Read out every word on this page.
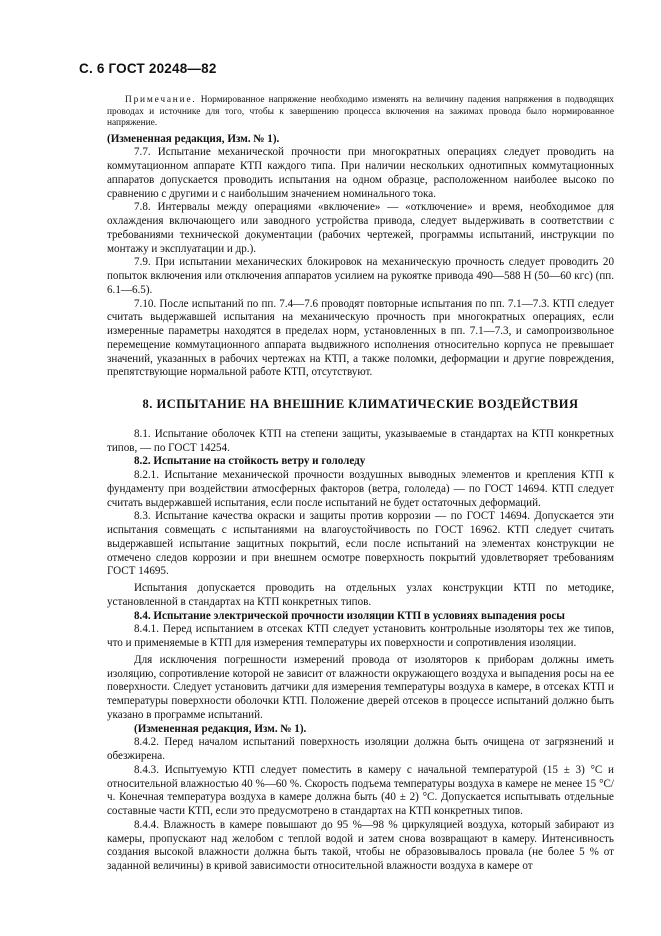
С. 6 ГОСТ 20248—82

Примечание. Нормированное напряжение необходимо изменять на величину падения напряжения в подводящих проводах и источнике для того, чтобы к завершению процесса включения на зажимах провода было нормированное напряжение.

(Измененная редакция, Изм. № 1).

7.7. Испытание механической прочности при многократных операциях следует проводить на коммутационном аппарате КТП каждого типа. При наличии нескольких однотипных коммутационных аппаратов допускается проводить испытания на одном образце, расположенном наиболее высоко по сравнению с другими и с наибольшим значением номинального тока.

7.8. Интервалы между операциями «включение» — «отключение» и время, необходимое для охлаждения включающего или заводного устройства привода, следует выдерживать в соответствии с требованиями технической документации (рабочих чертежей, программы испытаний, инструкции по монтажу и эксплуатации и др.).

7.9. При испытании механических блокировок на механическую прочность следует проводить 20 попыток включения или отключения аппаратов усилием на рукоятке привода 490—588 Н (50—60 кгс) (пп. 6.1—6.5).

7.10. После испытаний по пп. 7.4—7.6 проводят повторные испытания по пп. 7.1—7.3. КТП следует считать выдержавшей испытания на механическую прочность при многократных операциях, если измеренные параметры находятся в пределах норм, установленных в пп. 7.1—7.3, и самопроизвольное перемещение коммутационного аппарата выдвижного исполнения относительно корпуса не превышает значений, указанных в рабочих чертежах на КТП, а также поломки, деформации и другие повреждения, препятствующие нормальной работе КТП, отсутствуют.

8. ИСПЫТАНИЕ НА ВНЕШНИЕ КЛИМАТИЧЕСКИЕ ВОЗДЕЙСТВИЯ

8.1. Испытание оболочек КТП на степени защиты, указываемые в стандартах на КТП конкретных типов, — по ГОСТ 14254.

8.2. Испытание на стойкость ветру и гололеду

8.2.1. Испытание механической прочности воздушных выводных элементов и крепления КТП к фундаменту при воздействии атмосферных факторов (ветра, гололеда) — по ГОСТ 14694. КТП следует считать выдержавшей испытания, если после испытаний не будет остаточных деформаций.

8.3. Испытание качества окраски и защиты против коррозии — по ГОСТ 14694. Допускается эти испытания совмещать с испытаниями на влагоустойчивость по ГОСТ 16962. КТП следует считать выдержавшей испытание защитных покрытий, если после испытаний на элементах конструкции не отмечено следов коррозии и при внешнем осмотре поверхность покрытий удовлетворяет требованиям ГОСТ 14695.

Испытания допускается проводить на отдельных узлах конструкции КТП по методике, установленной в стандартах на КТП конкретных типов.

8.4. Испытание электрической прочности изоляции КТП в условиях выпадения росы

8.4.1. Перед испытанием в отсеках КТП следует установить контрольные изоляторы тех же типов, что и применяемые в КТП для измерения температуры их поверхности и сопротивления изоляции.

Для исключения погрешности измерений провода от изоляторов к приборам должны иметь изоляцию, сопротивление которой не зависит от влажности окружающего воздуха и выпадения росы на ее поверхности. Следует установить датчики для измерения температуры воздуха в камере, в отсеках КТП и температуры поверхности оболочки КТП. Положение дверей отсеков в процессе испытаний должно быть указано в программе испытаний.

(Измененная редакция, Изм. № 1).

8.4.2. Перед началом испытаний поверхность изоляции должна быть очищена от загрязнений и обезжирена.

8.4.3. Испытуемую КТП следует поместить в камеру с начальной температурой (15 ± 3) °C и относительной влажностью 40 %—60 %. Скорость подъема температуры воздуха в камере не менее 15 °C/ч. Конечная температура воздуха в камере должна быть (40 ± 2) °C. Допускается испытывать отдельные составные части КТП, если это предусмотрено в стандартах на КТП конкретных типов.

8.4.4. Влажность в камере повышают до 95 %—98 % циркуляцией воздуха, который забирают из камеры, пропускают над желобом с теплой водой и затем снова возвращают в камеру. Интенсивность создания высокой влажности должна быть такой, чтобы не образовывалось провала (не более 5 % от заданной величины) в кривой зависимости относительной влажности воздуха в камере от
